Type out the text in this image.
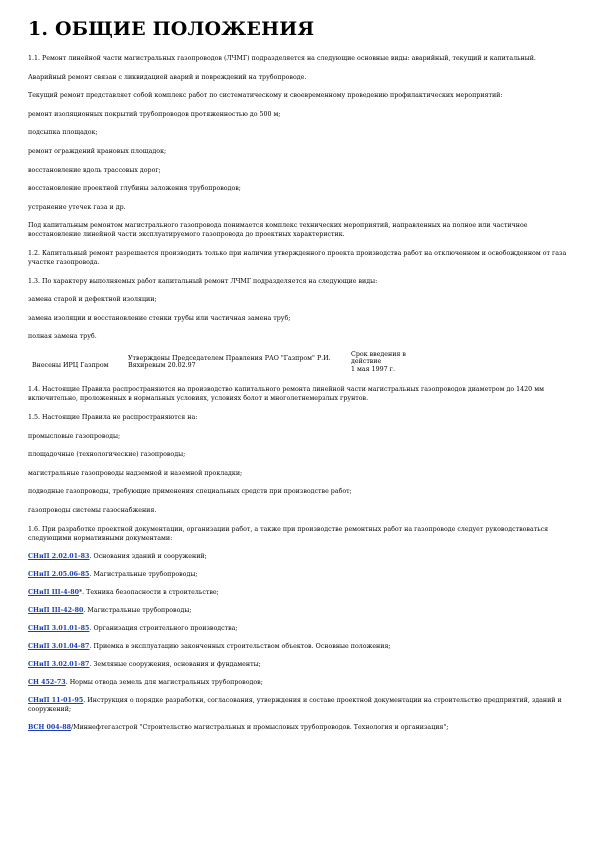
1. ОБЩИЕ ПОЛОЖЕНИЯ
1.1. Ремонт линейной части магистральных газопроводов (ЛЧМГ) подразделяется на следующие основные виды: аварийный, текущий и капитальный.
Аварийный ремонт связан с ликвидацией аварий и повреждений на трубопроводе.
Текущий ремонт представляет собой комплекс работ по систематическому и своевременному проведению профилактических мероприятий:
ремонт изоляционных покрытий трубопроводов протяженностью до 500 м;
подсыпка площадок;
ремонт ограждений крановых площадок;
восстановление вдоль трассовых дорог;
восстановление проектной глубины заложения трубопроводов;
устранение утечек газа и др.
Под капитальным ремонтом магистрального газопровода понимается комплекс технических мероприятий, направленных на полное или частичное восстановление линейной части эксплуатируемого газопровода до проектных характеристик.
1.2. Капитальный ремонт разрешается производить только при наличии утвержденного проекта производства работ на отключенном и освобожденном от газа участке газопровода.
1.3. По характеру выполняемых работ капитальный ремонт ЛЧМГ подразделяется на следующие виды:
замена старой и дефектной изоляции;
замена изоляции и восстановление стенки трубы или частичная замена труб;
полная замена труб.
Внесены ИРЦ Газпром
Утверждены Председателем Правления РАО "Газпром" Р.И. Вяхиревым 20.02.97
Срок введения в действие
1 мая 1997 г.
1.4. Настоящие Правила распространяются на производство капитального ремонта линейной части магистральных газопроводов диаметром до 1420 мм включительно, проложенных в нормальных условиях, условиях болот и многолетнемерзлых грунтов.
1.5. Настоящие Правила не распространяются на:
промысловые газопроводы;
площадочные (технологические) газопроводы;
магистральные газопроводы надземной и наземной прокладки;
подводные газопроводы, требующие применения специальных средств при производстве работ;
газопроводы системы газоснабжения.
1.6. При разработке проектной документации, организации работ, а также при производстве ремонтных работ на газопроводе следует руководствоваться следующими нормативными документами:
СНиП 2.02.01-83. Основания зданий и сооружений;
СНиП 2.05.06-85. Магистральные трубопроводы;
СНиП III-4-80*. Техника безопасности в строительстве;
СНиП III-42-80. Магистральные трубопроводы;
СНиП 3.01.01-85. Организация строительного производства;
СНиП 3.01.04-87. Приемка в эксплуатацию законченных строительством объектов. Основные положения;
СНиП 3.02.01-87. Земляные сооружения, основания и фундаменты;
СН 452-73. Нормы отвода земель для магистральных трубопроводов;
СНиП 11-01-95. Инструкция о порядке разработки, согласования, утверждения и составе проектной документации на строительство предприятий, зданий и сооружений;
ВСН 004-88/Миннефтегазстрой "Строительство магистральных и промысловых трубопроводов. Технология и организация";
